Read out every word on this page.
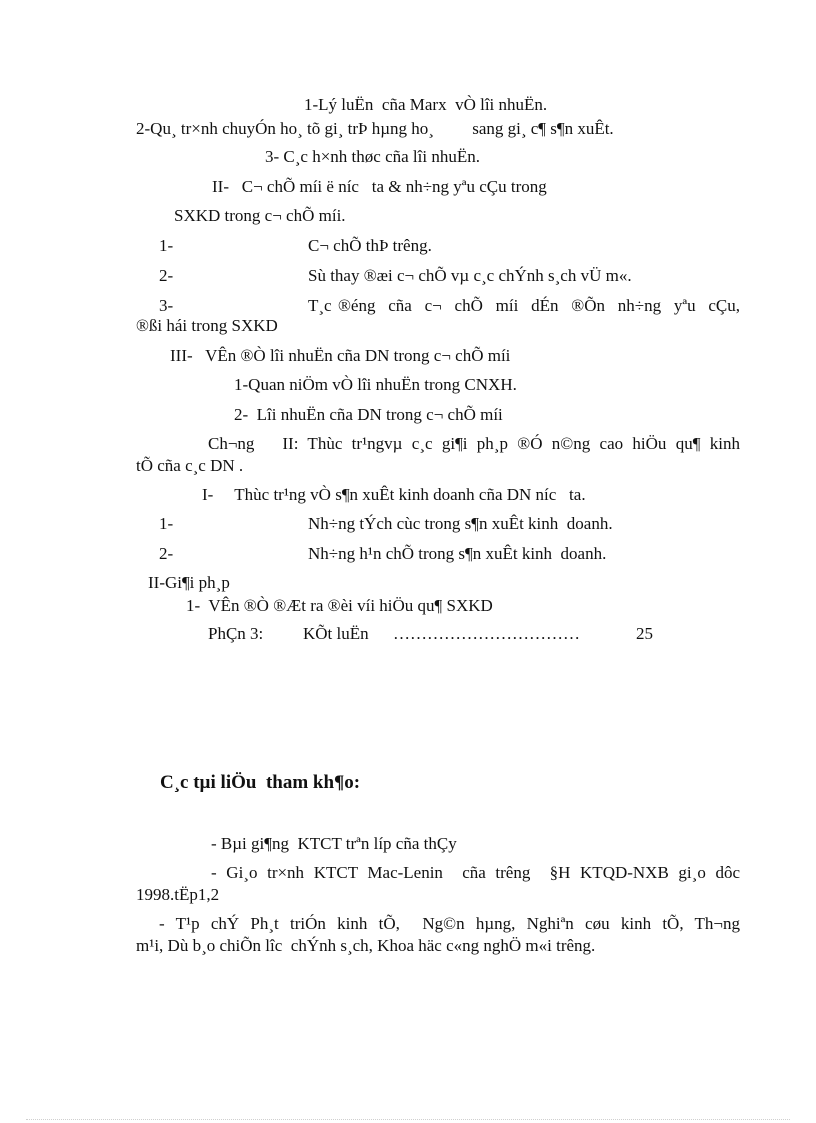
1-Lý luËn  cña Marx  vÒ lîi nhuËn.
2-Qu¸ tr×nh chuyÓn ho¸ tõ gi¸ trÞ hµng ho¸         sang gi¸ c¶ s¶n xuÊt.
3- C¸c h×nh thøc cña lîi nhuËn.
II-   C¬ chÕ míi ë níc   ta & nh÷ng yªu cÇu trong
SXKD trong c¬ chÕ míi.
1-	C¬ chÕ thÞ trêng.
2-	Sù thay ®æi c¬ chÕ vµ c¸c chÝnh s¸ch vÜ m«.
3-	T¸c ®éng  cña  c¬  chÕ  míi  dÉn  ®Õn  nh÷ng  yªu  cÇu,
®ßi hái trong SXKD
III-   VÊn ®Ò lîi nhuËn cña DN trong c¬ chÕ míi
1-Quan niÖm vÒ lîi nhuËn trong CNXH.
2-  Lîi nhuËn cña DN trong c¬ chÕ míi
Ch¬ng   II: Thùc tr¹ngvµ c¸c gi¶i ph¸p ®Ó n©ng cao hiÖu qu¶ kinh
tÕ cña c¸c DN .
I-     Thùc tr¹ng vÒ s¶n xuÊt kinh doanh cña DN níc   ta.
1-	Nh÷ng tÝch cùc trong s¶n xuÊt kinh  doanh.
2-	Nh÷ng h¹n chÕ trong s¶n xuÊt kinh  doanh.
II-Gi¶i ph¸p
1-  VÊn ®Ò ®Æt ra ®èi víi hiÖu qu¶ SXKD
PhÇn 3: KÕt luËn ……………………………	25
C¸c tµi liÖu  tham kh¶o:
- Bµi gi¶ng  KTCT trªn líp cña thÇy
- Gi¸o tr×nh KTCT Mac-Lenin  cña trêng  §H KTQD-NXB gi¸o dôc
1998.tËp1,2
- T¹p chÝ Ph¸t triÓn kinh tÕ,  Ng©n hµng, Nghiªn cøu kinh tÕ, Th¬ng
m¹i, Dù b¸o chiÕn lîc  chÝnh s¸ch, Khoa häc c«ng nghÖ m«i trêng.
